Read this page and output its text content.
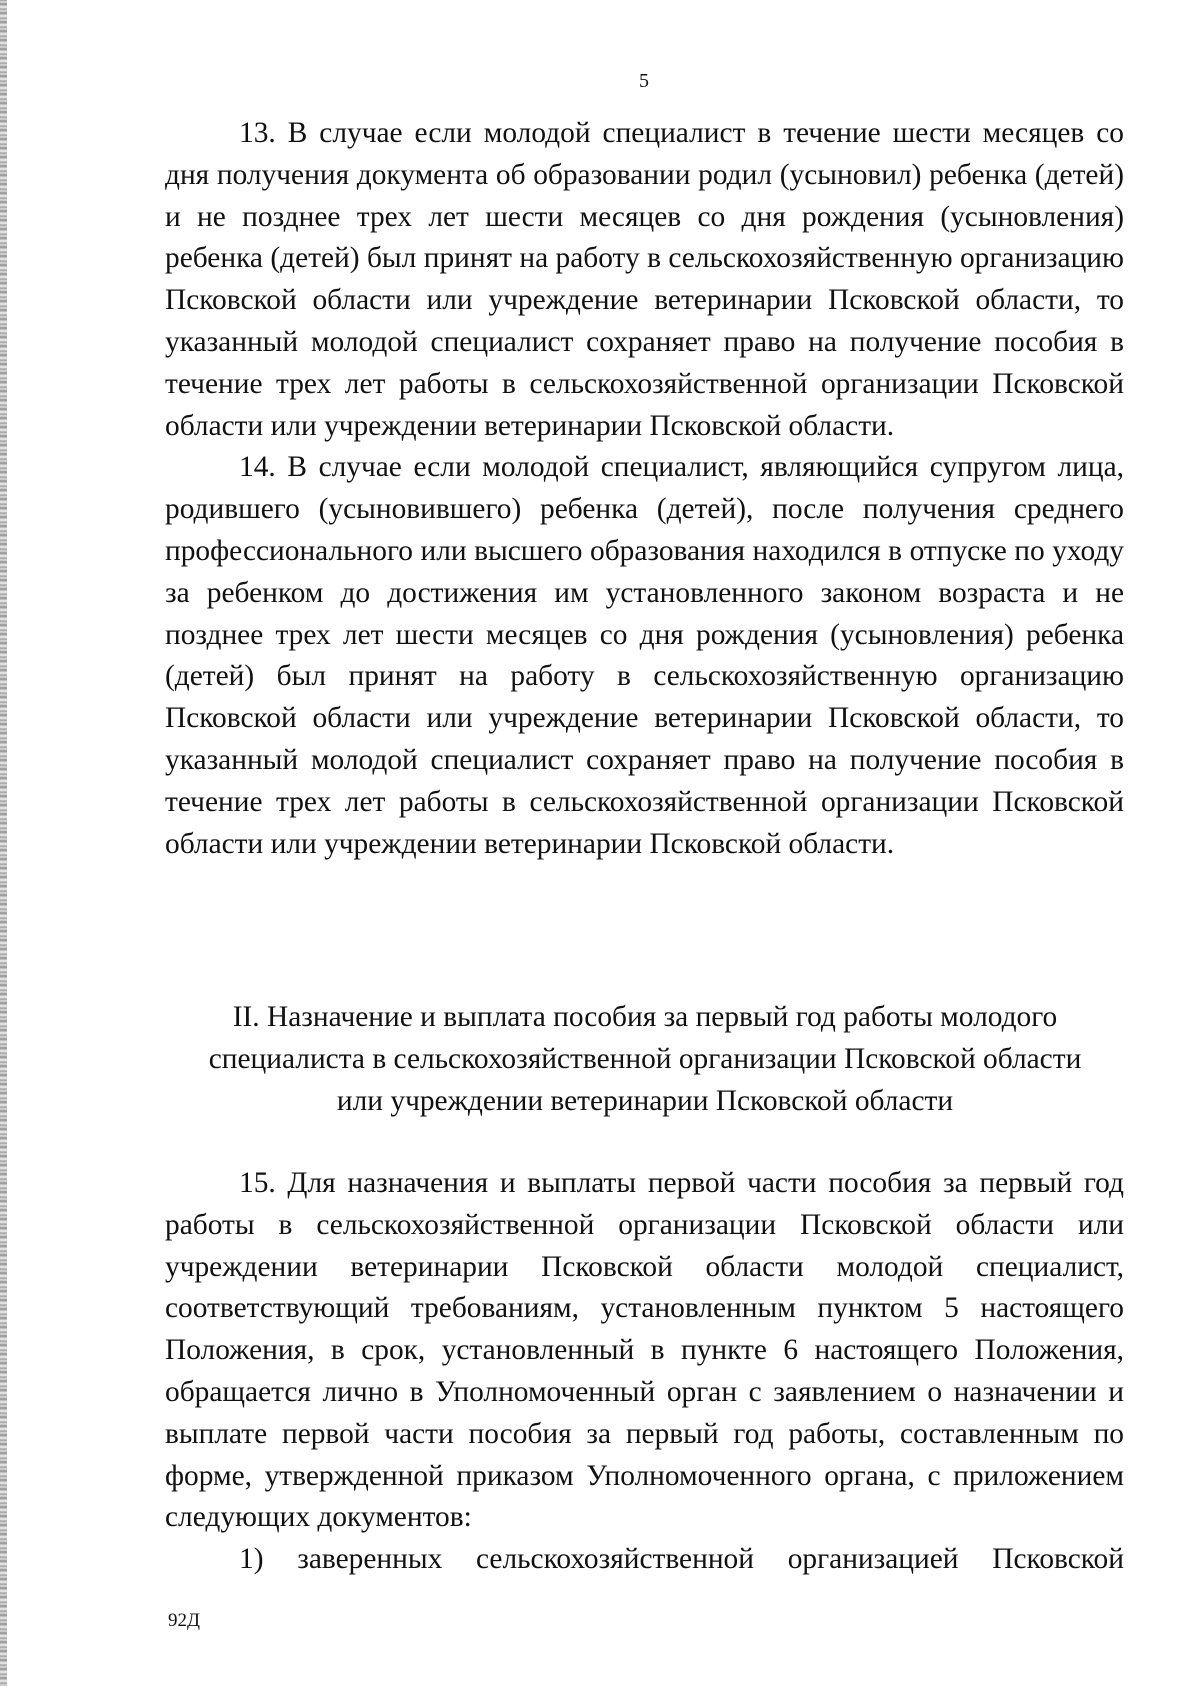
5

13. В случае если молодой специалист в течение шести месяцев со дня получения документа об образовании родил (усыновил) ребенка (детей) и не позднее трех лет шести месяцев со дня рождения (усыновления) ребенка (детей) был принят на работу в сельскохозяйственную организацию Псковской области или учреждение ветеринарии Псковской области, то указанный молодой специалист сохраняет право на получение пособия в течение трех лет работы в сельскохозяйственной организации Псковской области или учреждении ветеринарии Псковской области.

14. В случае если молодой специалист, являющийся супругом лица, родившего (усыновившего) ребенка (детей), после получения среднего профессионального или высшего образования находился в отпуске по уходу за ребенком до достижения им установленного законом возраста и не позднее трех лет шести месяцев со дня рождения (усыновления) ребенка (детей) был принят на работу в сельскохозяйственную организацию Псковской области или учреждение ветеринарии Псковской области, то указанный молодой специалист сохраняет право на получение пособия в течение трех лет работы в сельскохозяйственной организации Псковской области или учреждении ветеринарии Псковской области.

II. Назначение и выплата пособия за первый год работы молодого

специалиста в сельскохозяйственной организации Псковской области

или учреждении ветеринарии Псковской области

15. Для назначения и выплаты первой части пособия за первый год работы в сельскохозяйственной организации Псковской области или учреждении ветеринарии Псковской области молодой специалист, соответствующий требованиям, установленным пунктом 5 настоящего Положения, в срок, установленный в пункте 6 настоящего Положения, обращается лично в Уполномоченный орган с заявлением о назначении и выплате первой части пособия за первый год работы, составленным по форме, утвержденной приказом Уполномоченного органа, с приложением следующих документов:

1) заверенных сельскохозяйственной организацией Псковской

92Д
